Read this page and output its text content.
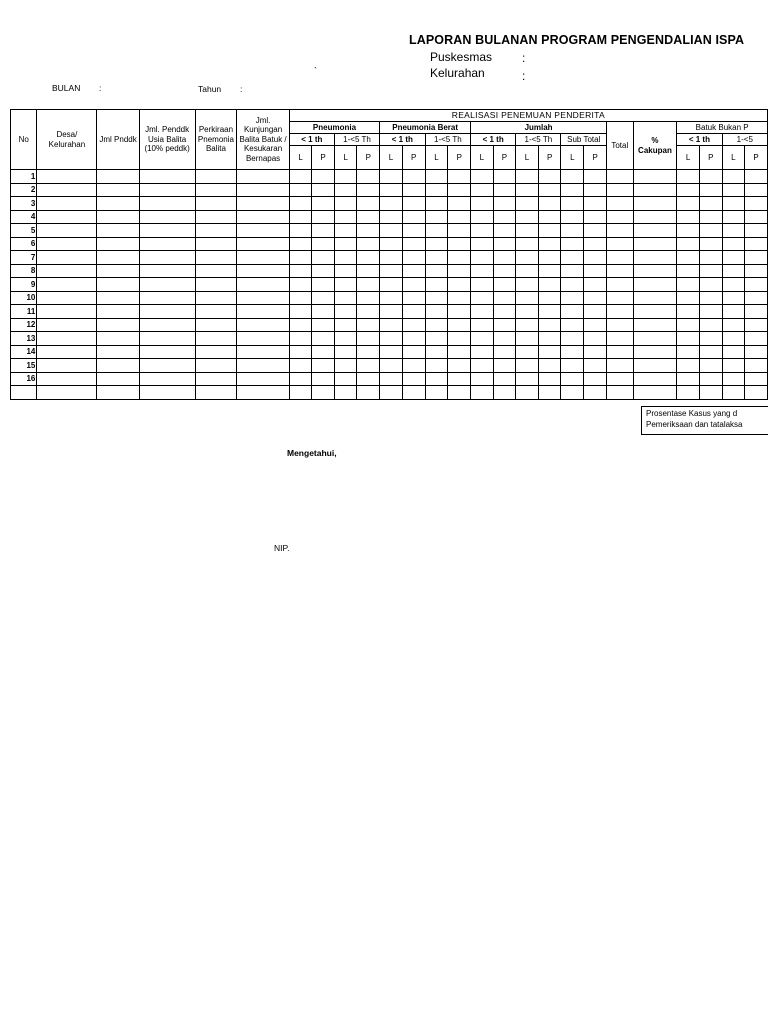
LAPORAN BULANAN PROGRAM PENGENDALIAN ISPA
Puskesmas :
`	Kelurahan	:
BULAN :	Tahun :
No	Desa/ Kelurahan	Jml Pnddk	Jml. Penddk Usia Balita (10% peddk)	Perkiraan Pnemonia Balita	Jml. Kunjungan Balita Batuk / Kesukaran Bernapas	REALISASI PENEMUAN PENDERITA																			
						Pneumonia				Pneumonia Berat				Jumlah						Total	% Cakupan	Batuk Bukan P			
						< 1 th		1-<5 Th		< 1 th		1-<5 Th		< 1 th		1-<5 Th		Sub Total				< 1 th		1-<5	
						L	P	L	P	L	P	L	P	L	P	L	P	L	P			L	P	L	P
1																									
2																									
3																									
4																									
5																									
6																									
7																									
8																									
9																									
10																									
11																									
12																									
13																									
14																									
15																									
16																									

Prosentase Kasus yang d
Pemeriksaan dan tatalaksa
Mengetahui,
NIP.
